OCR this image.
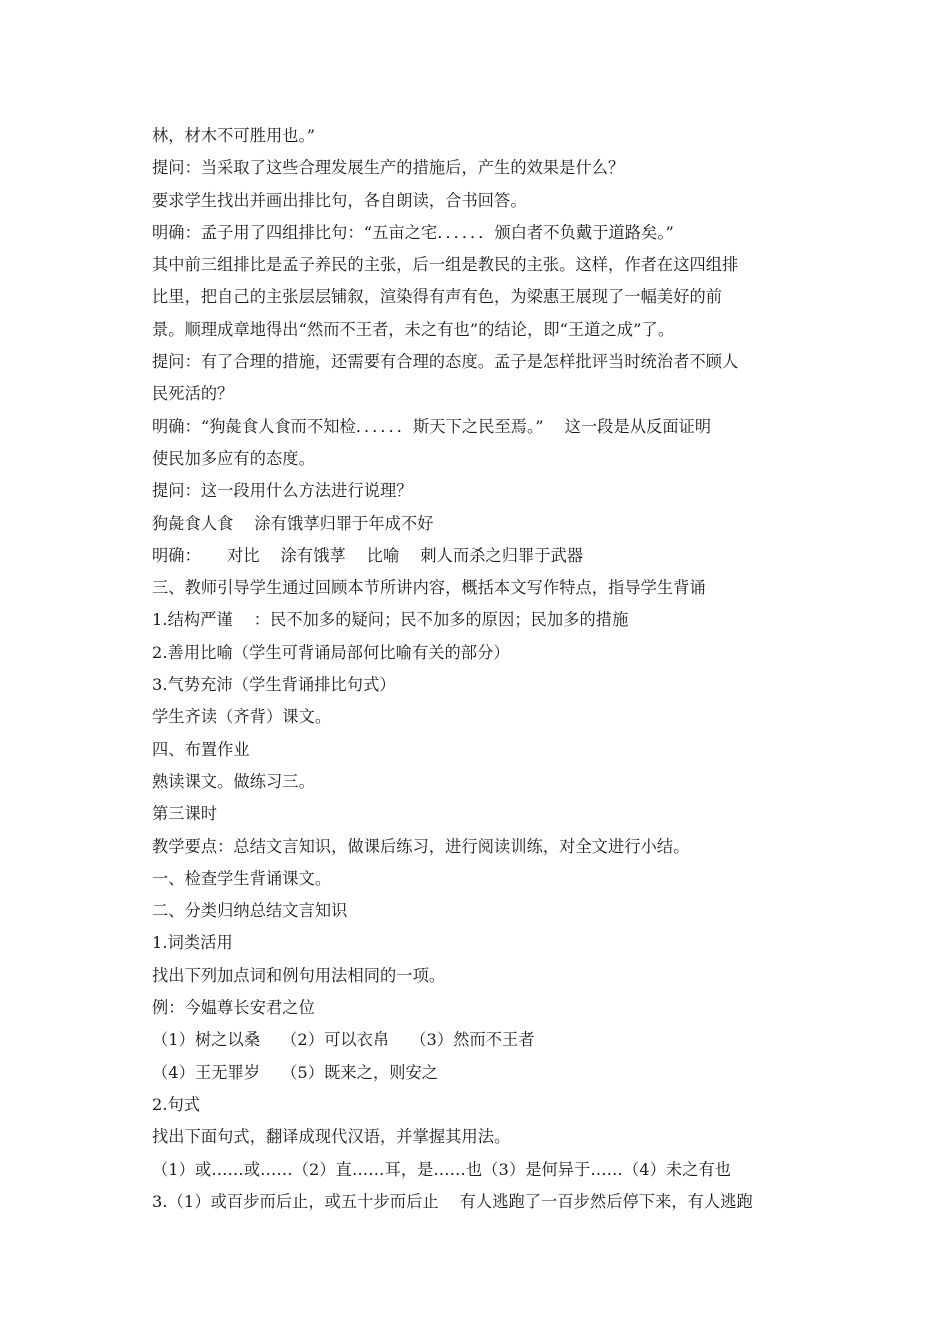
林，材木不可胜用也。”
提问：当采取了这些合理发展生产的措施后，产生的效果是什么？
要求学生找出并画出排比句，各自朗读，合书回答。
明确：孟子用了四组排比句：“五亩之宅．．．．．．颁白者不负戴于道路矣。”
其中前三组排比是孟子养民的主张，后一组是教民的主张。这样，作者在这四组排
比里，把自己的主张层层铺叙，渲染得有声有色，为梁惠王展现了一幅美好的前
景。顺理成章地得出“然而不王者，未之有也”的结论，即“王道之成”了。
提问：有了合理的措施，还需要有合理的态度。孟子是怎样批评当时统治者不顾人
民死活的？
明确：“狗彘食人食而不知检．．．．．．斯天下之民至焉。”    这一段是从反面证明
使民加多应有的态度。
提问：这一段用什么方法进行说理？
狗彘食人食    涂有饿莩归罪于年成不好
明确：     对比    涂有饿莩    比喻    刺人而杀之归罪于武器
三、教师引导学生通过回顾本节所讲内容，概括本文写作特点，指导学生背诵
1.结构严谨    ：民不加多的疑问；民不加多的原因；民加多的措施
2.善用比喻（学生可背诵局部何比喻有关的部分）
3.气势充沛（学生背诵排比句式）
学生齐读（齐背）课文。
四、布置作业
熟读课文。做练习三。
第三课时
教学要点：总结文言知识，做课后练习，进行阅读训练，对全文进行小结。
一、检查学生背诵课文。
二、分类归纳总结文言知识
1.词类活用
找出下列加点词和例句用法相同的一项。
例：今媪尊长安君之位
（1）树之以桑    （2）可以衣帛    （3）然而不王者
（4）王无罪岁    （5）既来之，则安之
2.句式
找出下面句式，翻译成现代汉语，并掌握其用法。
（1）或……或……（2）直……耳，是……也（3）是何异于……（4）未之有也
3.（1）或百步而后止，或五十步而后止    有人逃跑了一百步然后停下来，有人逃跑
